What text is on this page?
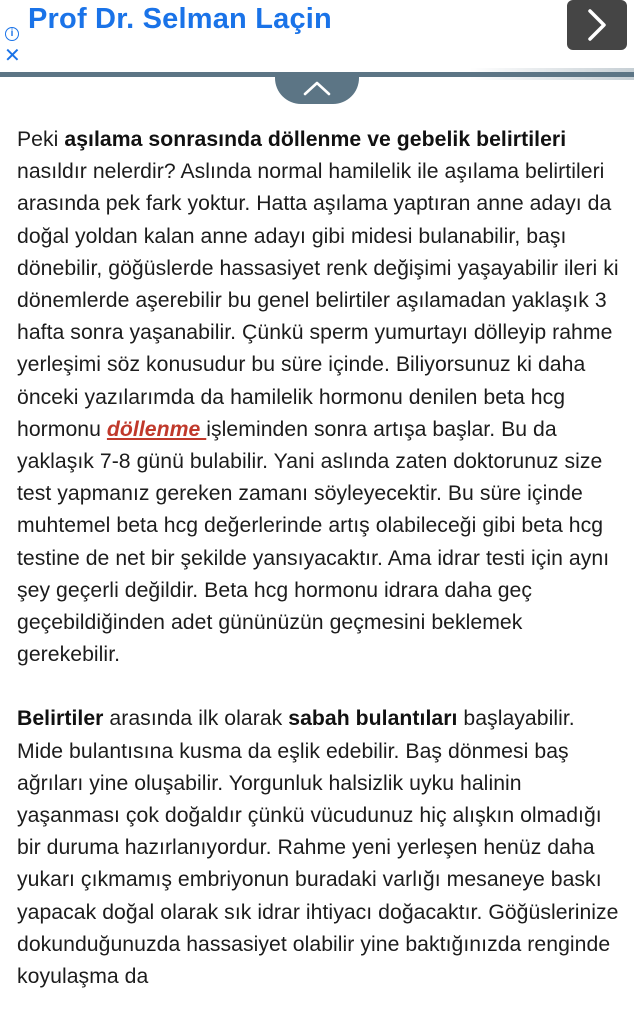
i
✕
Prof Dr. Selman Laçin

Peki aşılama sonrasında döllenme ve gebelik belirtileri nasıldır nelerdir? Aslında normal hamilelik ile aşılama belirtileri arasında pek fark yoktur. Hatta aşılama yaptıran anne adayı da doğal yoldan kalan anne adayı gibi midesi bulanabilir, başı dönebilir, göğüslerde hassasiyet renk değişimi yaşayabilir ileri ki dönemlerde aşerebilir bu genel belirtiler aşılamadan yaklaşık 3 hafta sonra yaşanabilir. Çünkü sperm yumurtayı dölleyip rahme yerleşimi söz konusudur bu süre içinde. Biliyorsunuz ki daha önceki yazılarımda da hamilelik hormonu denilen beta hcg hormonu döllenme işleminden sonra artışa başlar. Bu da yaklaşık 7-8 günü bulabilir. Yani aslında zaten doktorunuz size test yapmanız gereken zamanı söyleyecektir. Bu süre içinde muhtemel beta hcg değerlerinde artış olabileceği gibi beta hcg testine de net bir şekilde yansıyacaktır. Ama idrar testi için aynı şey geçerli değildir. Beta hcg hormonu idrara daha geç geçebildiğinden adet gününüzün geçmesini beklemek gerekebilir.

Belirtiler arasında ilk olarak sabah bulantıları başlayabilir. Mide bulantısına kusma da eşlik edebilir. Baş dönmesi baş ağrıları yine oluşabilir. Yorgunluk halsizlik uyku halinin yaşanması çok doğaldır çünkü vücudunuz hiç alışkın olmadığı bir duruma hazırlanıyordur. Rahme yeni yerleşen henüz daha yukarı çıkmamış embriyonun buradaki varlığı mesaneye baskı yapacak doğal olarak sık idrar ihtiyacı doğacaktır. Göğüslerinize dokunduğunuzda hassasiyet olabilir yine baktığınızda renginde koyulaşma da
